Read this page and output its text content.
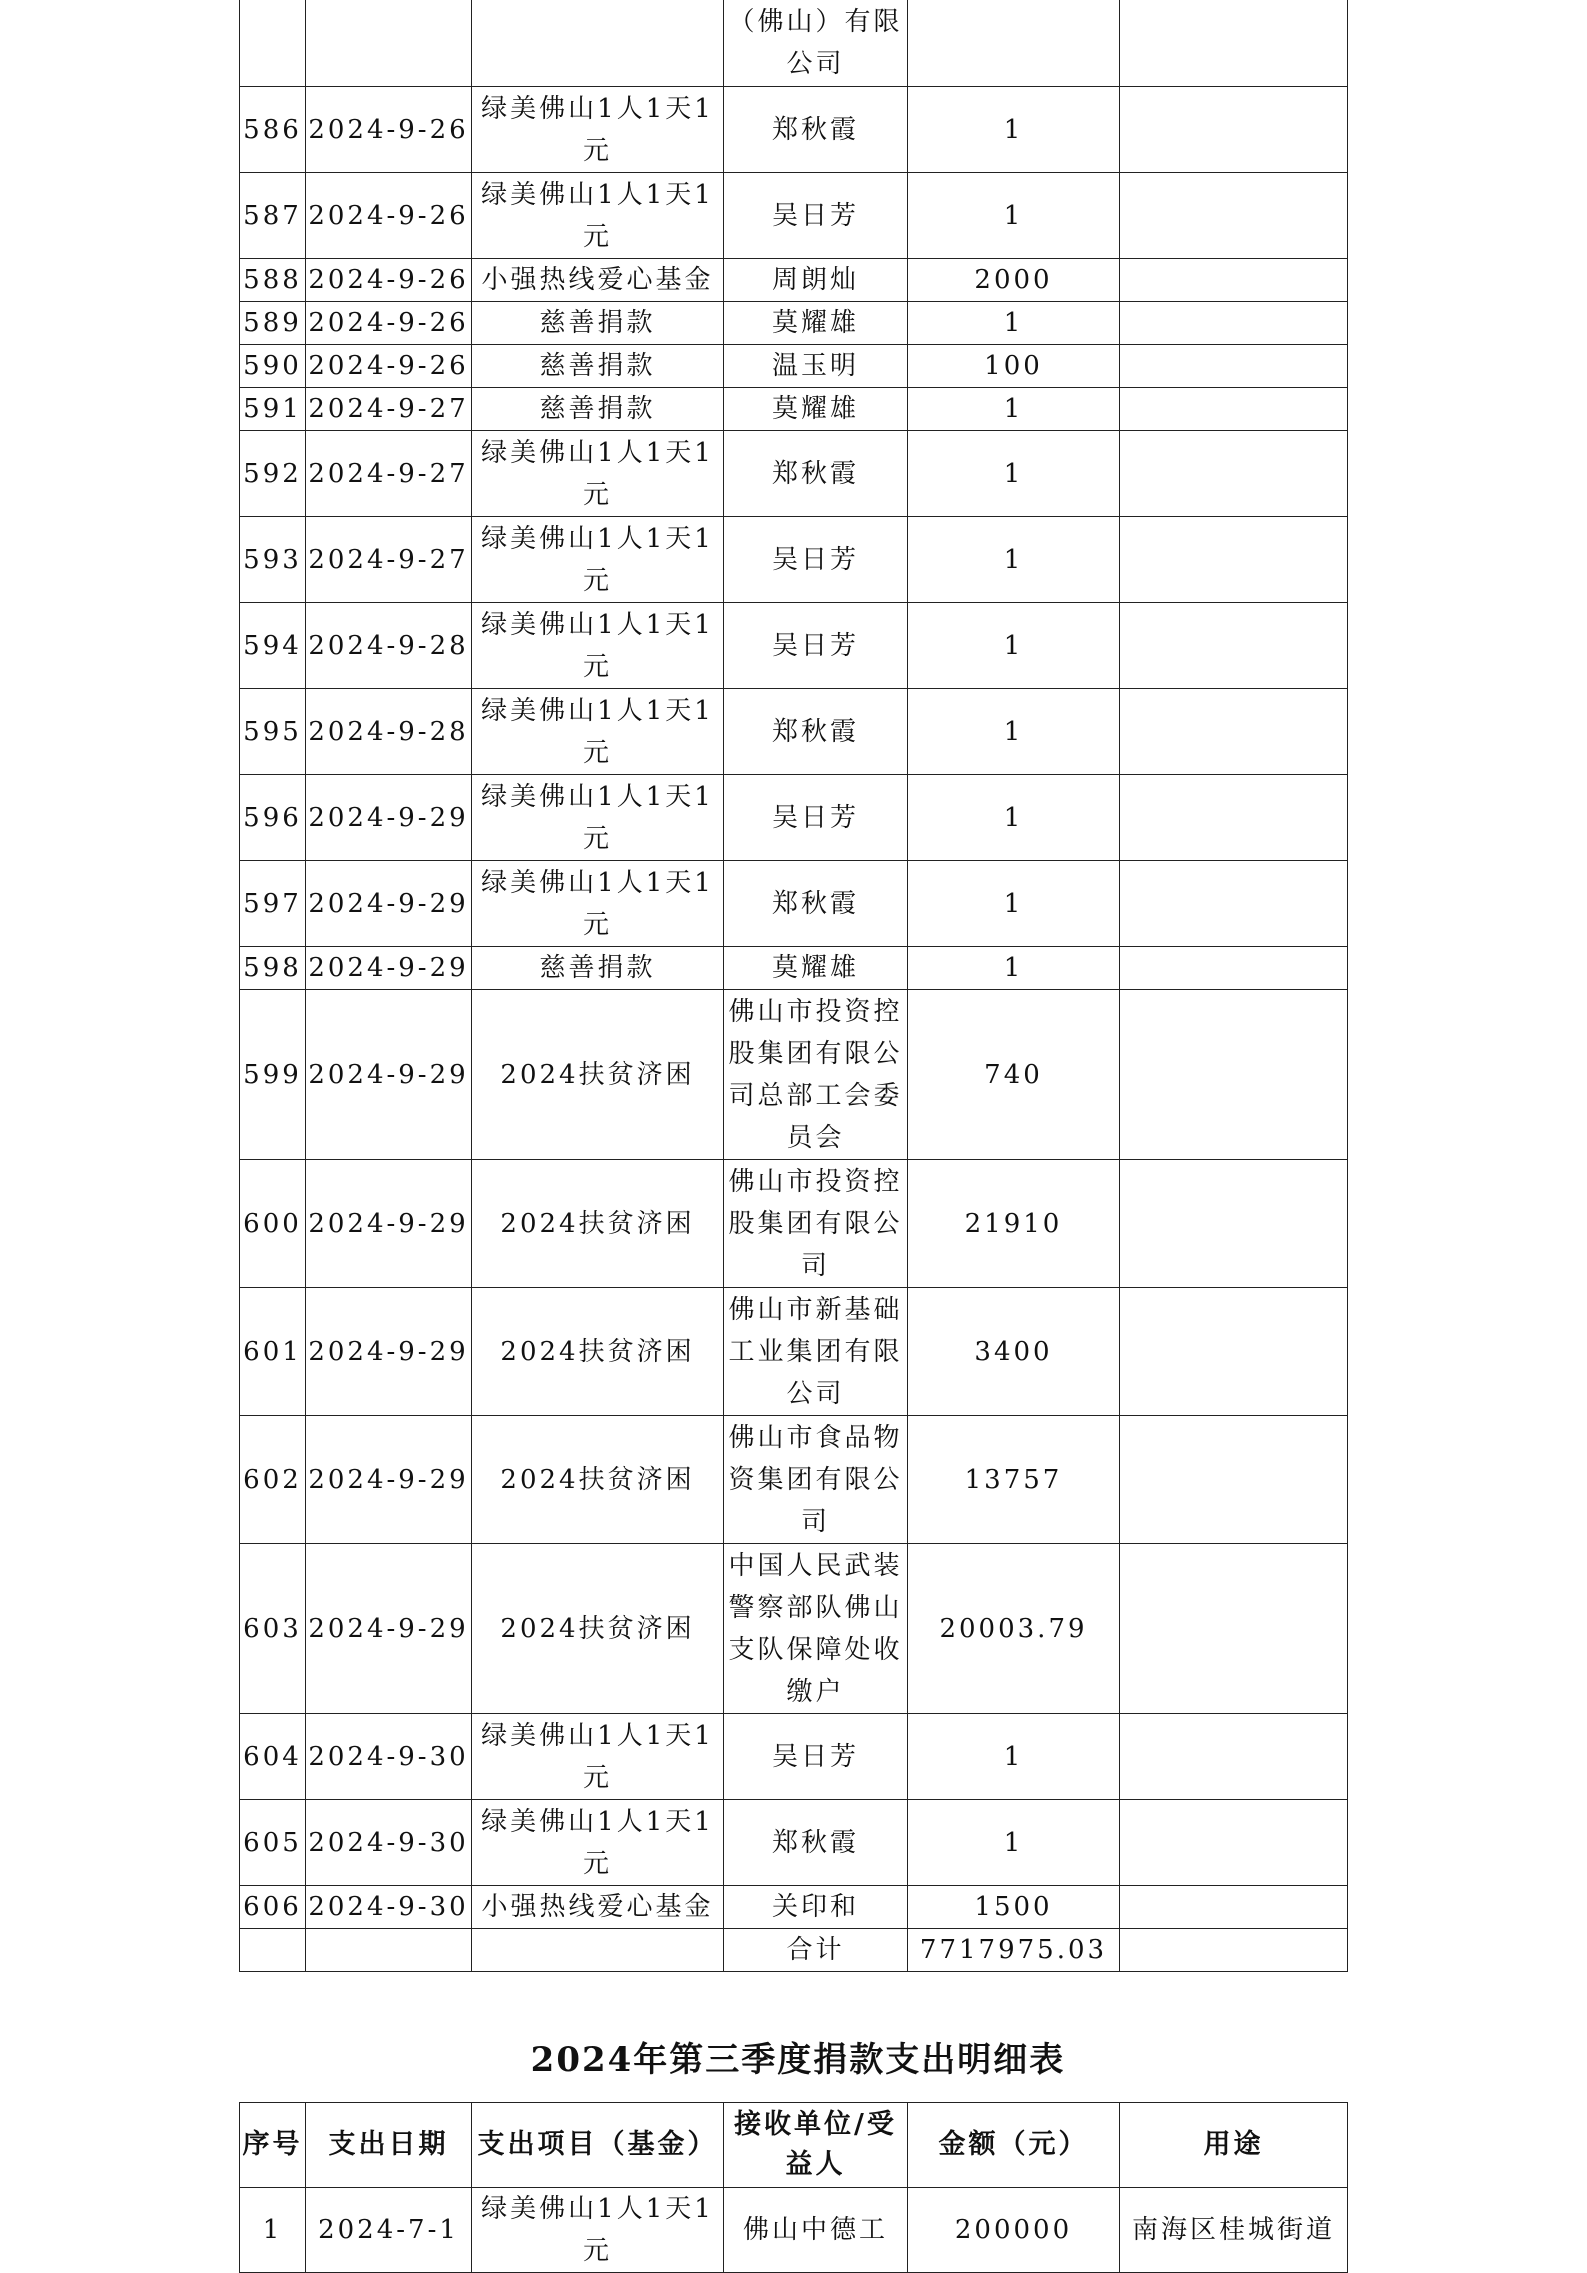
			（佛山）有限公司		
586	2024-9-26	绿美佛山1人1天1元	郑秋霞	1	
587	2024-9-26	绿美佛山1人1天1元	吴日芳	1	
588	2024-9-26	小强热线爱心基金	周朗灿	2000	
589	2024-9-26	慈善捐款	莫耀雄	1	
590	2024-9-26	慈善捐款	温玉明	100	
591	2024-9-27	慈善捐款	莫耀雄	1	
592	2024-9-27	绿美佛山1人1天1元	郑秋霞	1	
593	2024-9-27	绿美佛山1人1天1元	吴日芳	1	
594	2024-9-28	绿美佛山1人1天1元	吴日芳	1	
595	2024-9-28	绿美佛山1人1天1元	郑秋霞	1	
596	2024-9-29	绿美佛山1人1天1元	吴日芳	1	
597	2024-9-29	绿美佛山1人1天1元	郑秋霞	1	
598	2024-9-29	慈善捐款	莫耀雄	1	
599	2024-9-29	2024扶贫济困	佛山市投资控股集团有限公司总部工会委员会	740	
600	2024-9-29	2024扶贫济困	佛山市投资控股集团有限公司	21910	
601	2024-9-29	2024扶贫济困	佛山市新基础工业集团有限公司	3400	
602	2024-9-29	2024扶贫济困	佛山市食品物资集团有限公司	13757	
603	2024-9-29	2024扶贫济困	中国人民武装警察部队佛山支队保障处收缴户	20003.79	
604	2024-9-30	绿美佛山1人1天1元	吴日芳	1	
605	2024-9-30	绿美佛山1人1天1元	郑秋霞	1	
606	2024-9-30	小强热线爱心基金	关印和	1500	
			合计	7717975.03	
2024年第三季度捐款支出明细表
序号	支出日期	支出项目（基金）	接收单位/受益人	金额（元）	用途
1	2024-7-1	绿美佛山1人1天1元	佛山中德工	200000	南海区桂城街道
